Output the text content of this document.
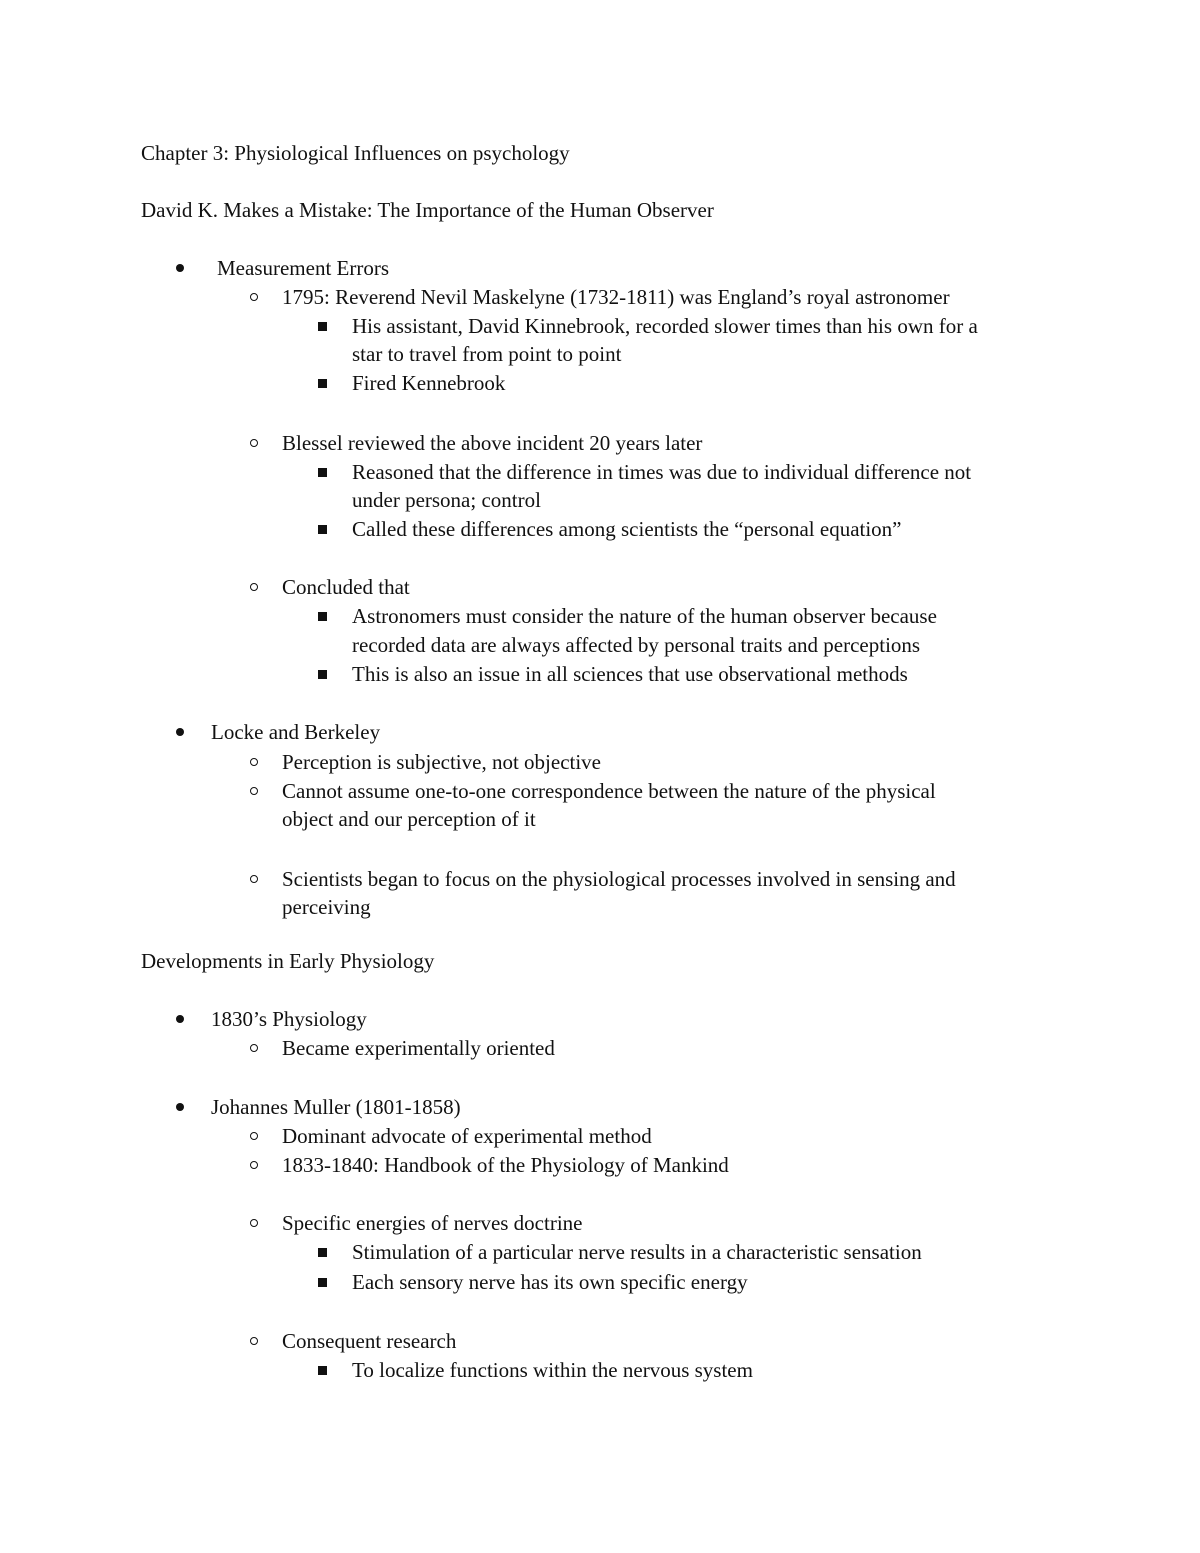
Chapter 3: Physiological Influences on psychology
David K. Makes a Mistake: The Importance of the Human Observer
Measurement Errors
1795: Reverend Nevil Maskelyne (1732-1811) was England’s royal astronomer
His assistant, David Kinnebrook, recorded slower times than his own for a
star to travel from point to point
Fired Kennebrook
Blessel reviewed the above incident 20 years later
Reasoned that the difference in times was due to individual difference not
under persona; control
Called these differences among scientists the “personal equation”
Concluded that
Astronomers must consider the nature of the human observer because
recorded data are always affected by personal traits and perceptions
This is also an issue in all sciences that use observational methods
Locke and Berkeley
Perception is subjective, not objective
Cannot assume one-to-one correspondence between the nature of the physical
object and our perception of it
Scientists began to focus on the physiological processes involved in sensing and
perceiving
Developments in Early Physiology
1830’s Physiology
Became experimentally oriented
Johannes Muller (1801-1858)
Dominant advocate of experimental method
1833-1840: Handbook of the Physiology of Mankind
Specific energies of nerves doctrine
Stimulation of a particular nerve results in a characteristic sensation
Each sensory nerve has its own specific energy
Consequent research
To localize functions within the nervous system
